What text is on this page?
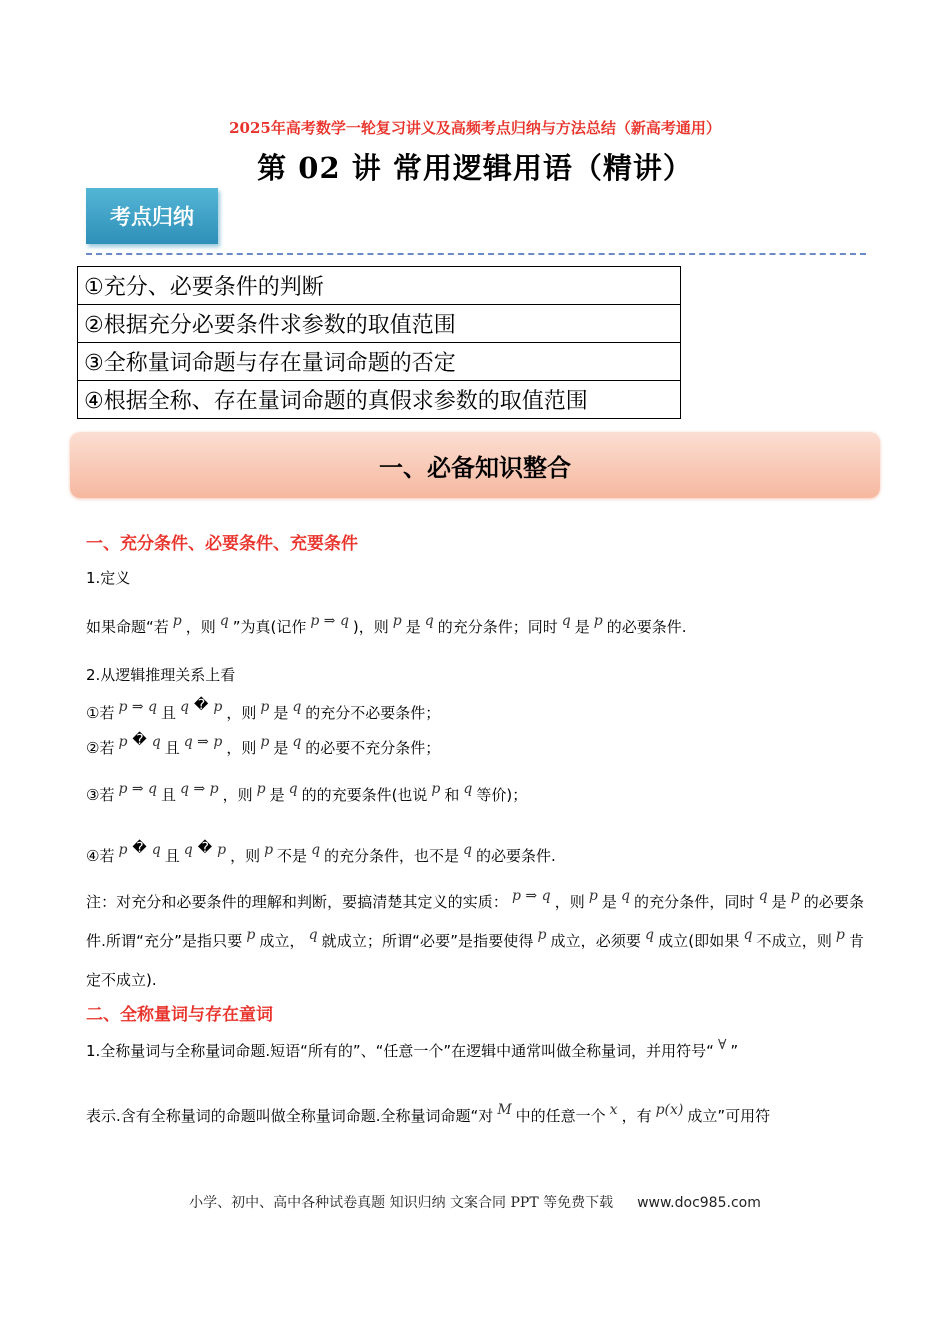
2025年高考数学一轮复习讲义及高频考点归纳与方法总结（新高考通用）
第 02 讲 常用逻辑用语（精讲）
考点归纳
①充分、必要条件的判断
②根据充分必要条件求参数的取值范围
③全称量词命题与存在量词命题的否定
④根据全称、存在量词命题的真假求参数的取值范围
一、必备知识整合
一、充分条件、必要条件、充要条件
1.定义
如果命题“若 p ，则 q ”为真(记作 p ⇒ q )，则 p 是 q 的充分条件；同时 q 是 p 的必要条件.
2.从逻辑推理关系上看
①若 p ⇒ q 且 q � p ，则 p 是 q 的充分不必要条件；
②若 p � q 且 q ⇒ p ，则 p 是 q 的必要不充分条件；
③若 p ⇒ q 且 q ⇒ p ，则 p 是 q 的的充要条件(也说 p 和 q 等价)；
④若 p � q 且 q � p ，则 p 不是 q 的充分条件，也不是 q 的必要条件.
注：对充分和必要条件的理解和判断，要搞清楚其定义的实质： p ⇒ q ，则 p 是 q 的充分条件，同时 q 是 p 的必要条件.所谓“充分”是指只要 p 成立， q 就成立；所谓“必要”是指要使得 p 成立，必须要 q 成立(即如果 q 不成立，则 p 肯定不成立).
二、全称量词与存在童词
1.全称量词与全称量词命题.短语“所有的”、“任意一个”在逻辑中通常叫做全称量词，并用符号“ ∀ ”
表示.含有全称量词的命题叫做全称量词命题.全称量词命题“对 M 中的任意一个 x ，有 p(x) 成立”可用符
小学、初中、高中各种试卷真题 知识归纳 文案合同 PPT 等免费下载 www.doc985.com
